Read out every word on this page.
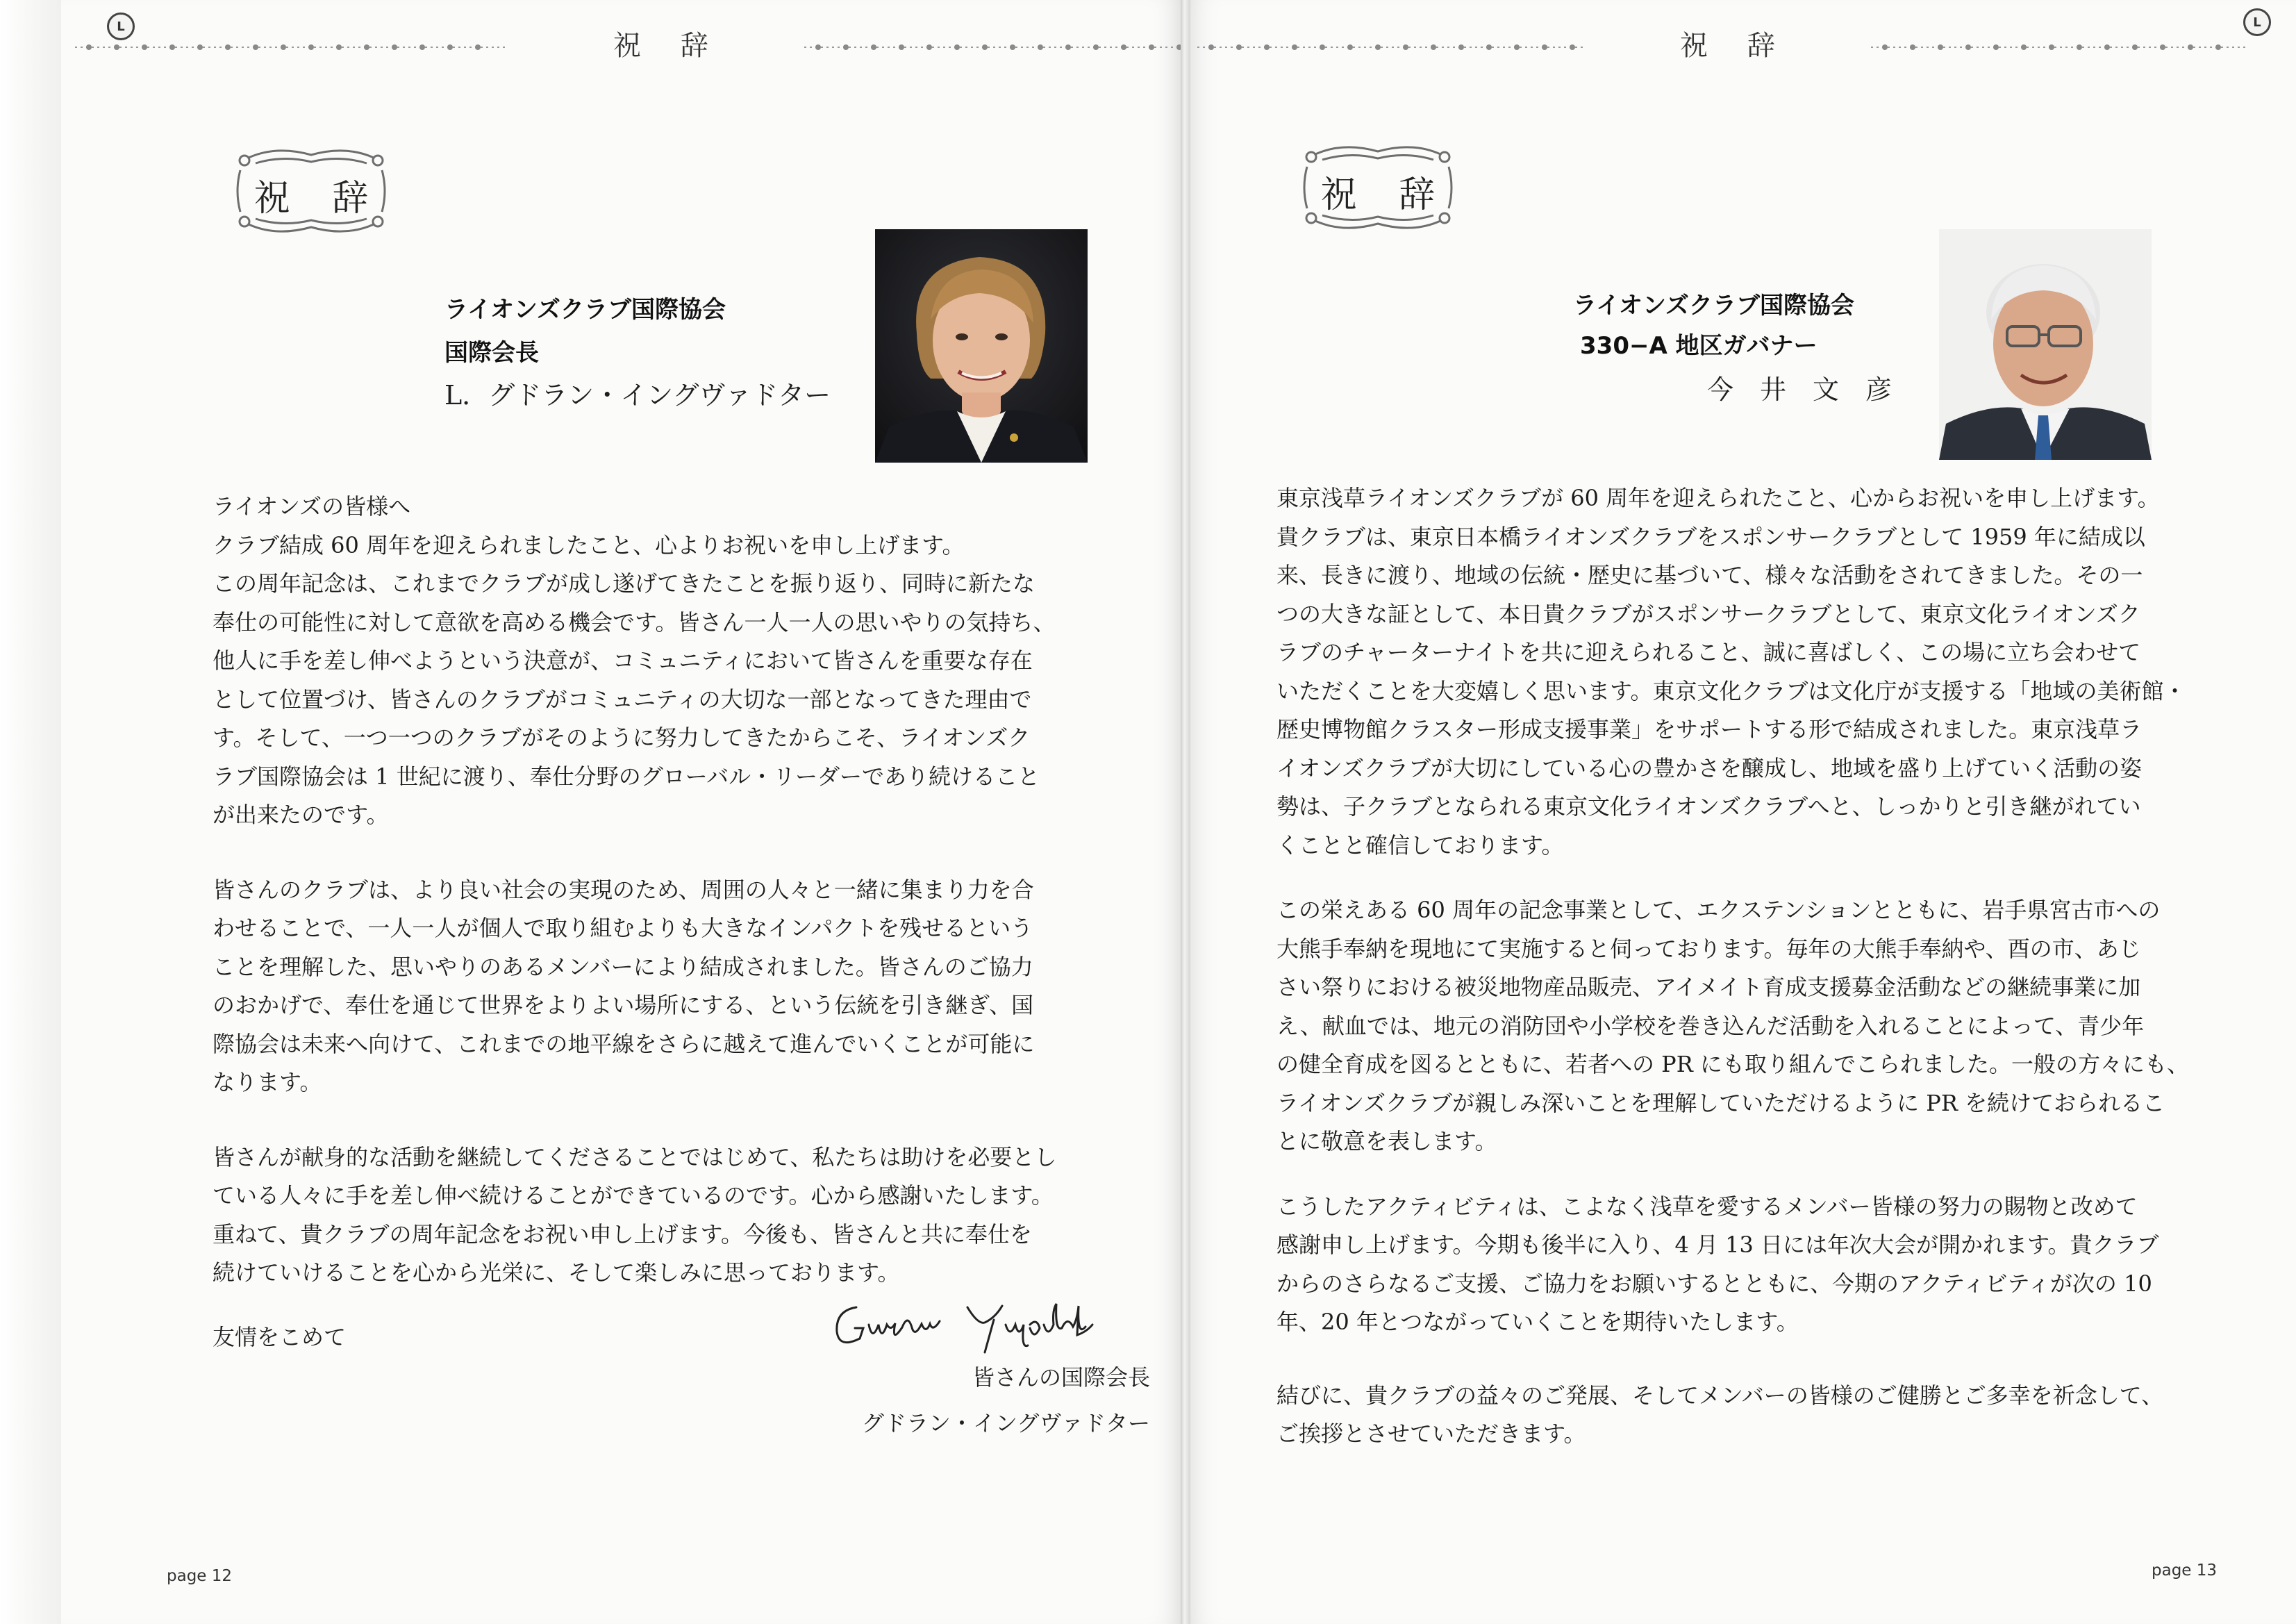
L
祝 辞
祝 辞
ライオンズクラブ国際協会
国際会長
L．グドラン・イングヴァドター

ライオンズの皆様へ

クラブ結成 60 周年を迎えられましたこと、心よりお祝いを申し上げます。

この周年記念は、これまでクラブが成し遂げてきたことを振り返り、同時に新たな

奉仕の可能性に対して意欲を高める機会です。皆さん一人一人の思いやりの気持ち、

他人に手を差し伸べようという決意が、コミュニティにおいて皆さんを重要な存在

として位置づけ、皆さんのクラブがコミュニティの大切な一部となってきた理由で

す。そして、一つ一つのクラブがそのように努力してきたからこそ、ライオンズク

ラブ国際協会は 1 世紀に渡り、奉仕分野のグローバル・リーダーであり続けること

が出来たのです。

皆さんのクラブは、より良い社会の実現のため、周囲の人々と一緒に集まり力を合

わせることで、一人一人が個人で取り組むよりも大きなインパクトを残せるという

ことを理解した、思いやりのあるメンバーにより結成されました。皆さんのご協力

のおかげで、奉仕を通じて世界をよりよい場所にする、という伝統を引き継ぎ、国

際協会は未来へ向けて、これまでの地平線をさらに越えて進んでいくことが可能に

なります。

皆さんが献身的な活動を継続してくださることではじめて、私たちは助けを必要とし

ている人々に手を差し伸べ続けることができているのです。心から感謝いたします。

重ねて、貴クラブの周年記念をお祝い申し上げます。今後も、皆さんと共に奉仕を

続けていけることを心から光栄に、そして楽しみに思っております。

友情をこめて
皆さんの国際会長
グドラン・イングヴァドター
page 12
祝 辞
L
祝 辞
ライオンズクラブ国際協会
330−A 地区ガバナー
今　井　文　彦

東京浅草ライオンズクラブが 60 周年を迎えられたこと、心からお祝いを申し上げます。

貴クラブは、東京日本橋ライオンズクラブをスポンサークラブとして 1959 年に結成以

来、長きに渡り、地域の伝統・歴史に基づいて、様々な活動をされてきました。その一

つの大きな証として、本日貴クラブがスポンサークラブとして、東京文化ライオンズク

ラブのチャーターナイトを共に迎えられること、誠に喜ばしく、この場に立ち会わせて

いただくことを大変嬉しく思います。東京文化クラブは文化庁が支援する「地域の美術館・

歴史博物館クラスター形成支援事業」をサポートする形で結成されました。東京浅草ラ

イオンズクラブが大切にしている心の豊かさを醸成し、地域を盛り上げていく活動の姿

勢は、子クラブとなられる東京文化ライオンズクラブへと、しっかりと引き継がれてい

くことと確信しております。

この栄えある 60 周年の記念事業として、エクステンションとともに、岩手県宮古市への

大熊手奉納を現地にて実施すると伺っております。毎年の大熊手奉納や、酉の市、あじ

さい祭りにおける被災地物産品販売、アイメイト育成支援募金活動などの継続事業に加

え、献血では、地元の消防団や小学校を巻き込んだ活動を入れることによって、青少年

の健全育成を図るとともに、若者への PR にも取り組んでこられました。一般の方々にも、

ライオンズクラブが親しみ深いことを理解していただけるように PR を続けておられるこ

とに敬意を表します。

こうしたアクティビティは、こよなく浅草を愛するメンバー皆様の努力の賜物と改めて

感謝申し上げます。今期も後半に入り、4 月 13 日には年次大会が開かれます。貴クラブ

からのさらなるご支援、ご協力をお願いするとともに、今期のアクティビティが次の 10

年、20 年とつながっていくことを期待いたします。

結びに、貴クラブの益々のご発展、そしてメンバーの皆様のご健勝とご多幸を祈念して、

ご挨拶とさせていただきます。

page 13
